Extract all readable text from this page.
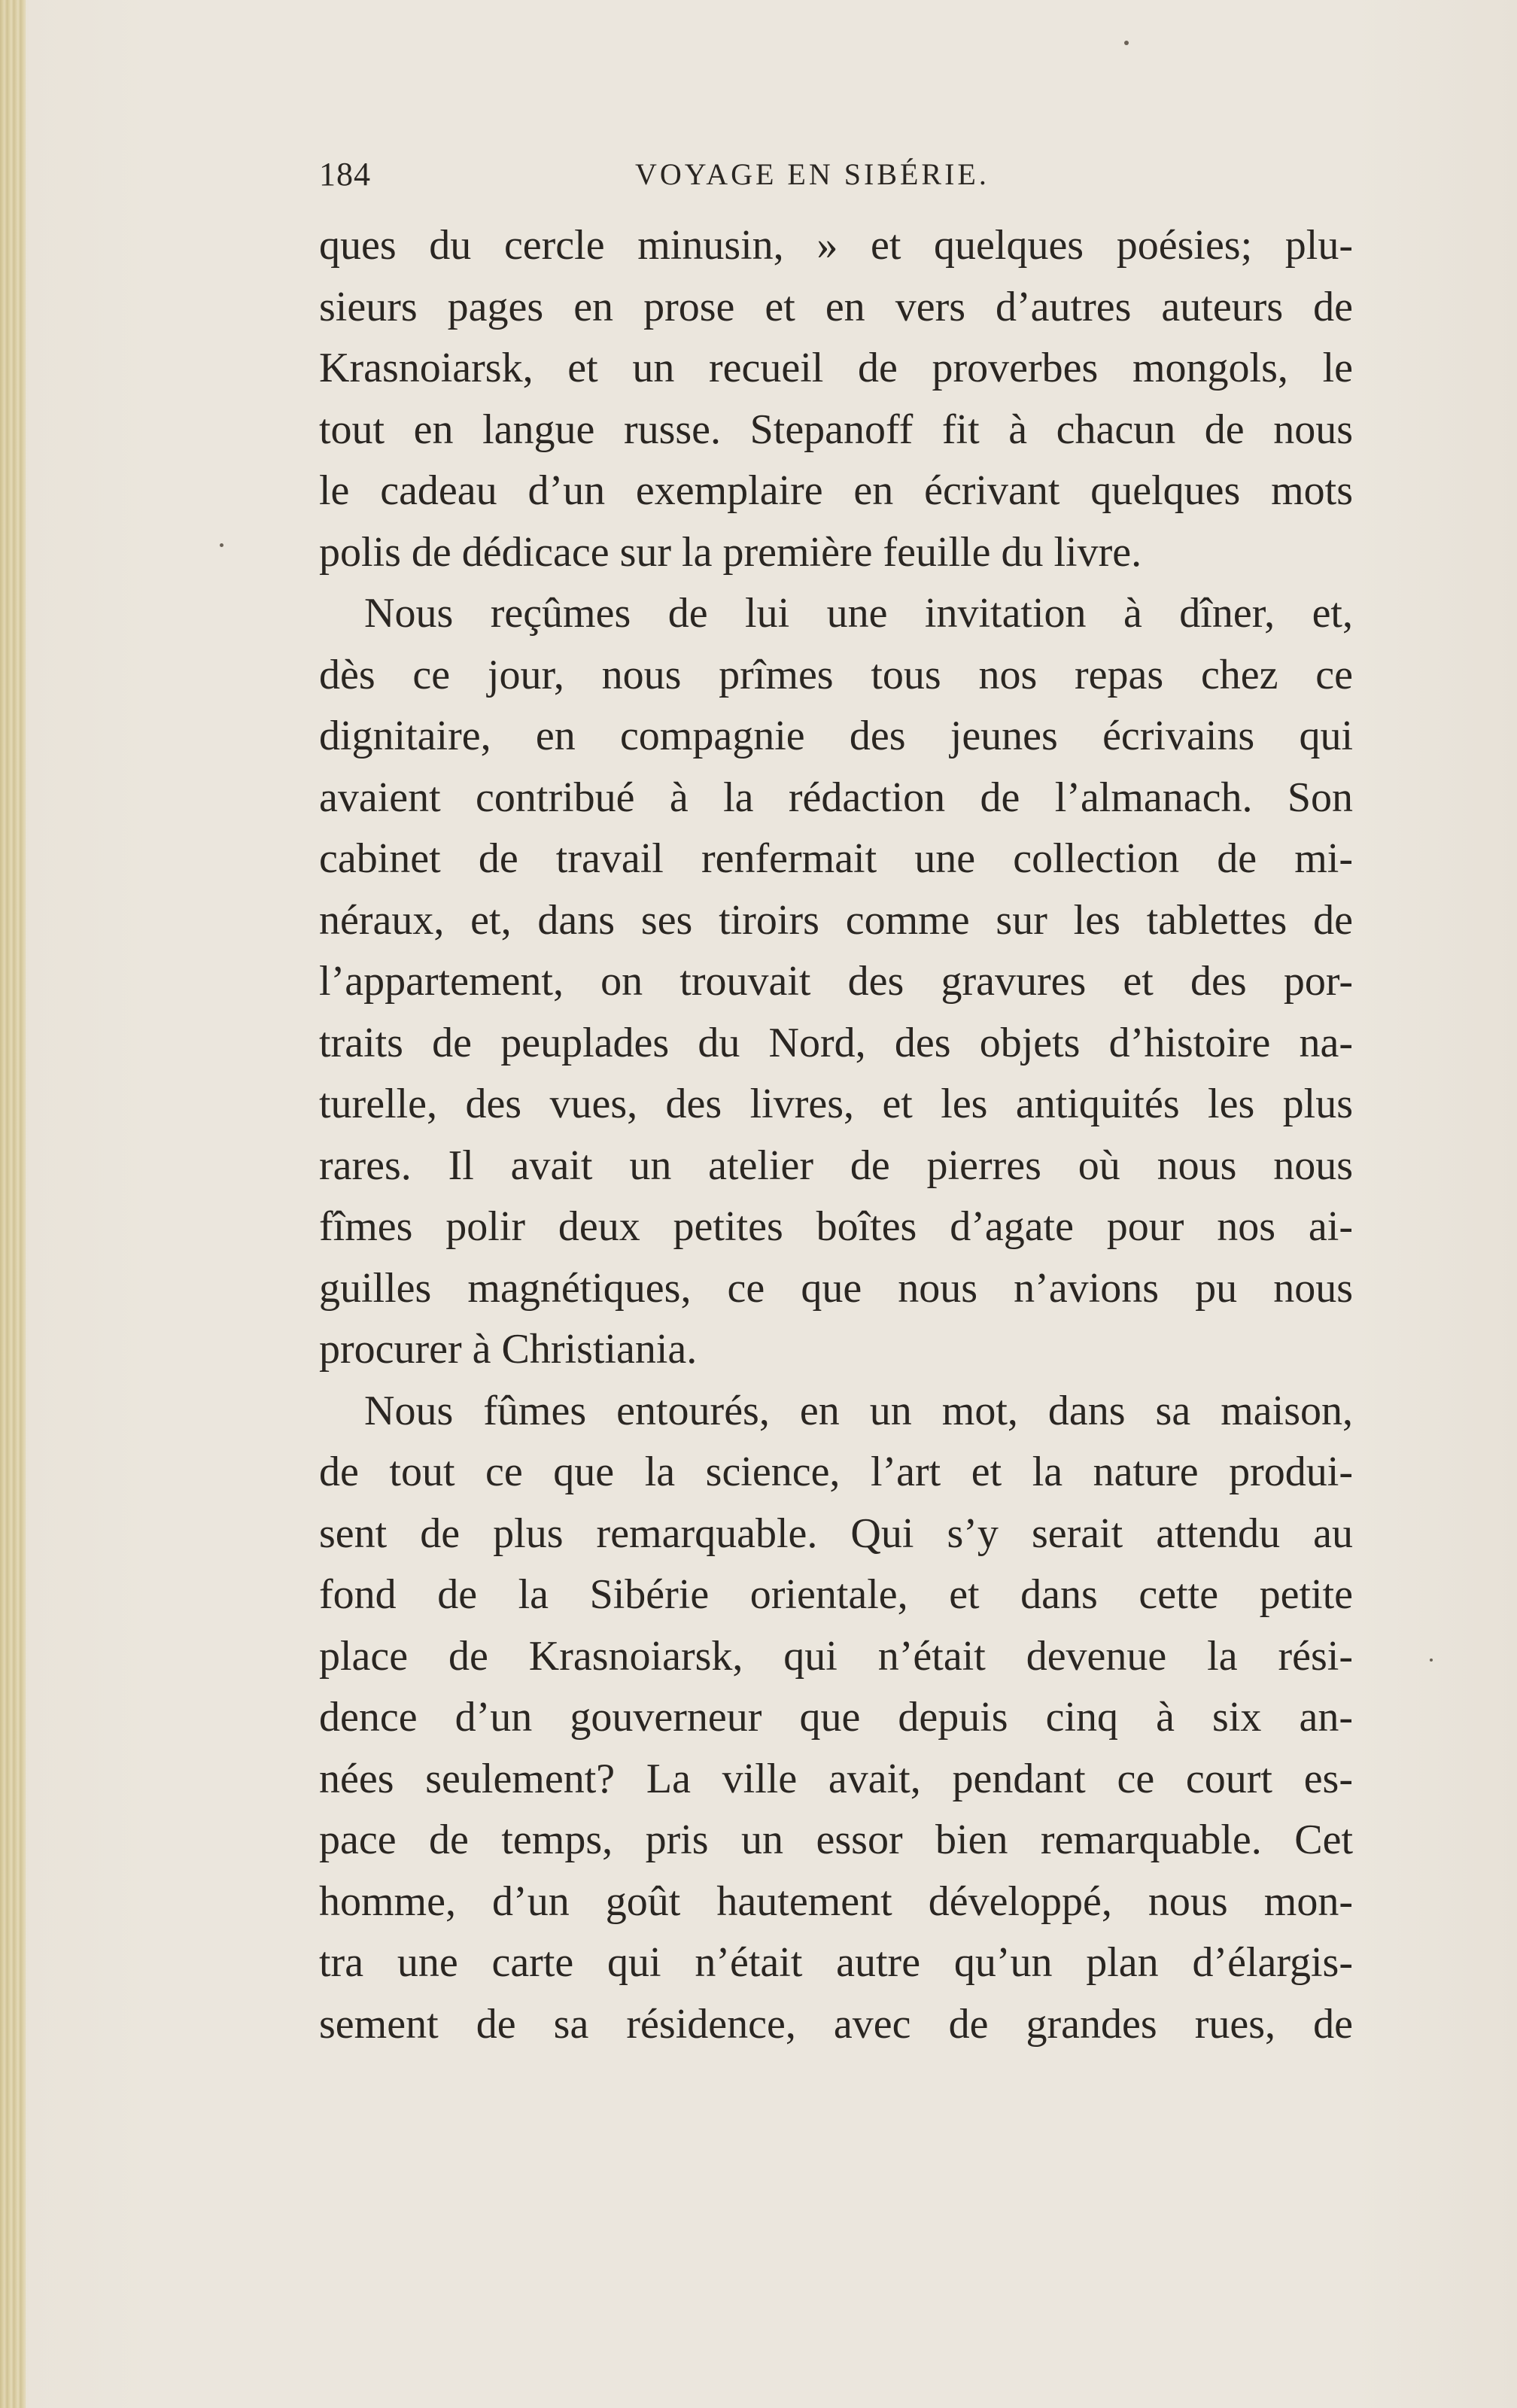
184	VOYAGE EN SIBÉRIE.
ques du cercle minusin, » et quelques poésies; plu-
sieurs pages en prose et en vers d’autres auteurs de
Krasnoiarsk, et un recueil de proverbes mongols, le
tout en langue russe. Stepanoff fit à chacun de nous
le cadeau d’un exemplaire en écrivant quelques mots
polis de dédicace sur la première feuille du livre.
Nous reçûmes de lui une invitation à dîner, et,
dès ce jour, nous prîmes tous nos repas chez ce
dignitaire, en compagnie des jeunes écrivains qui
avaient contribué à la rédaction de l’almanach. Son
cabinet de travail renfermait une collection de mi-
néraux, et, dans ses tiroirs comme sur les tablettes de
l’appartement, on trouvait des gravures et des por-
traits de peuplades du Nord, des objets d’histoire na-
turelle, des vues, des livres, et les antiquités les plus
rares. Il avait un atelier de pierres où nous nous
fîmes polir deux petites boîtes d’agate pour nos ai-
guilles magnétiques, ce que nous n’avions pu nous
procurer à Christiania.
Nous fûmes entourés, en un mot, dans sa maison,
de tout ce que la science, l’art et la nature produi-
sent de plus remarquable. Qui s’y serait attendu au
fond de la Sibérie orientale, et dans cette petite
place de Krasnoiarsk, qui n’était devenue la rési-
dence d’un gouverneur que depuis cinq à six an-
nées seulement? La ville avait, pendant ce court es-
pace de temps, pris un essor bien remarquable. Cet
homme, d’un goût hautement développé, nous mon-
tra une carte qui n’était autre qu’un plan d’élargis-
sement de sa résidence, avec de grandes rues, de
